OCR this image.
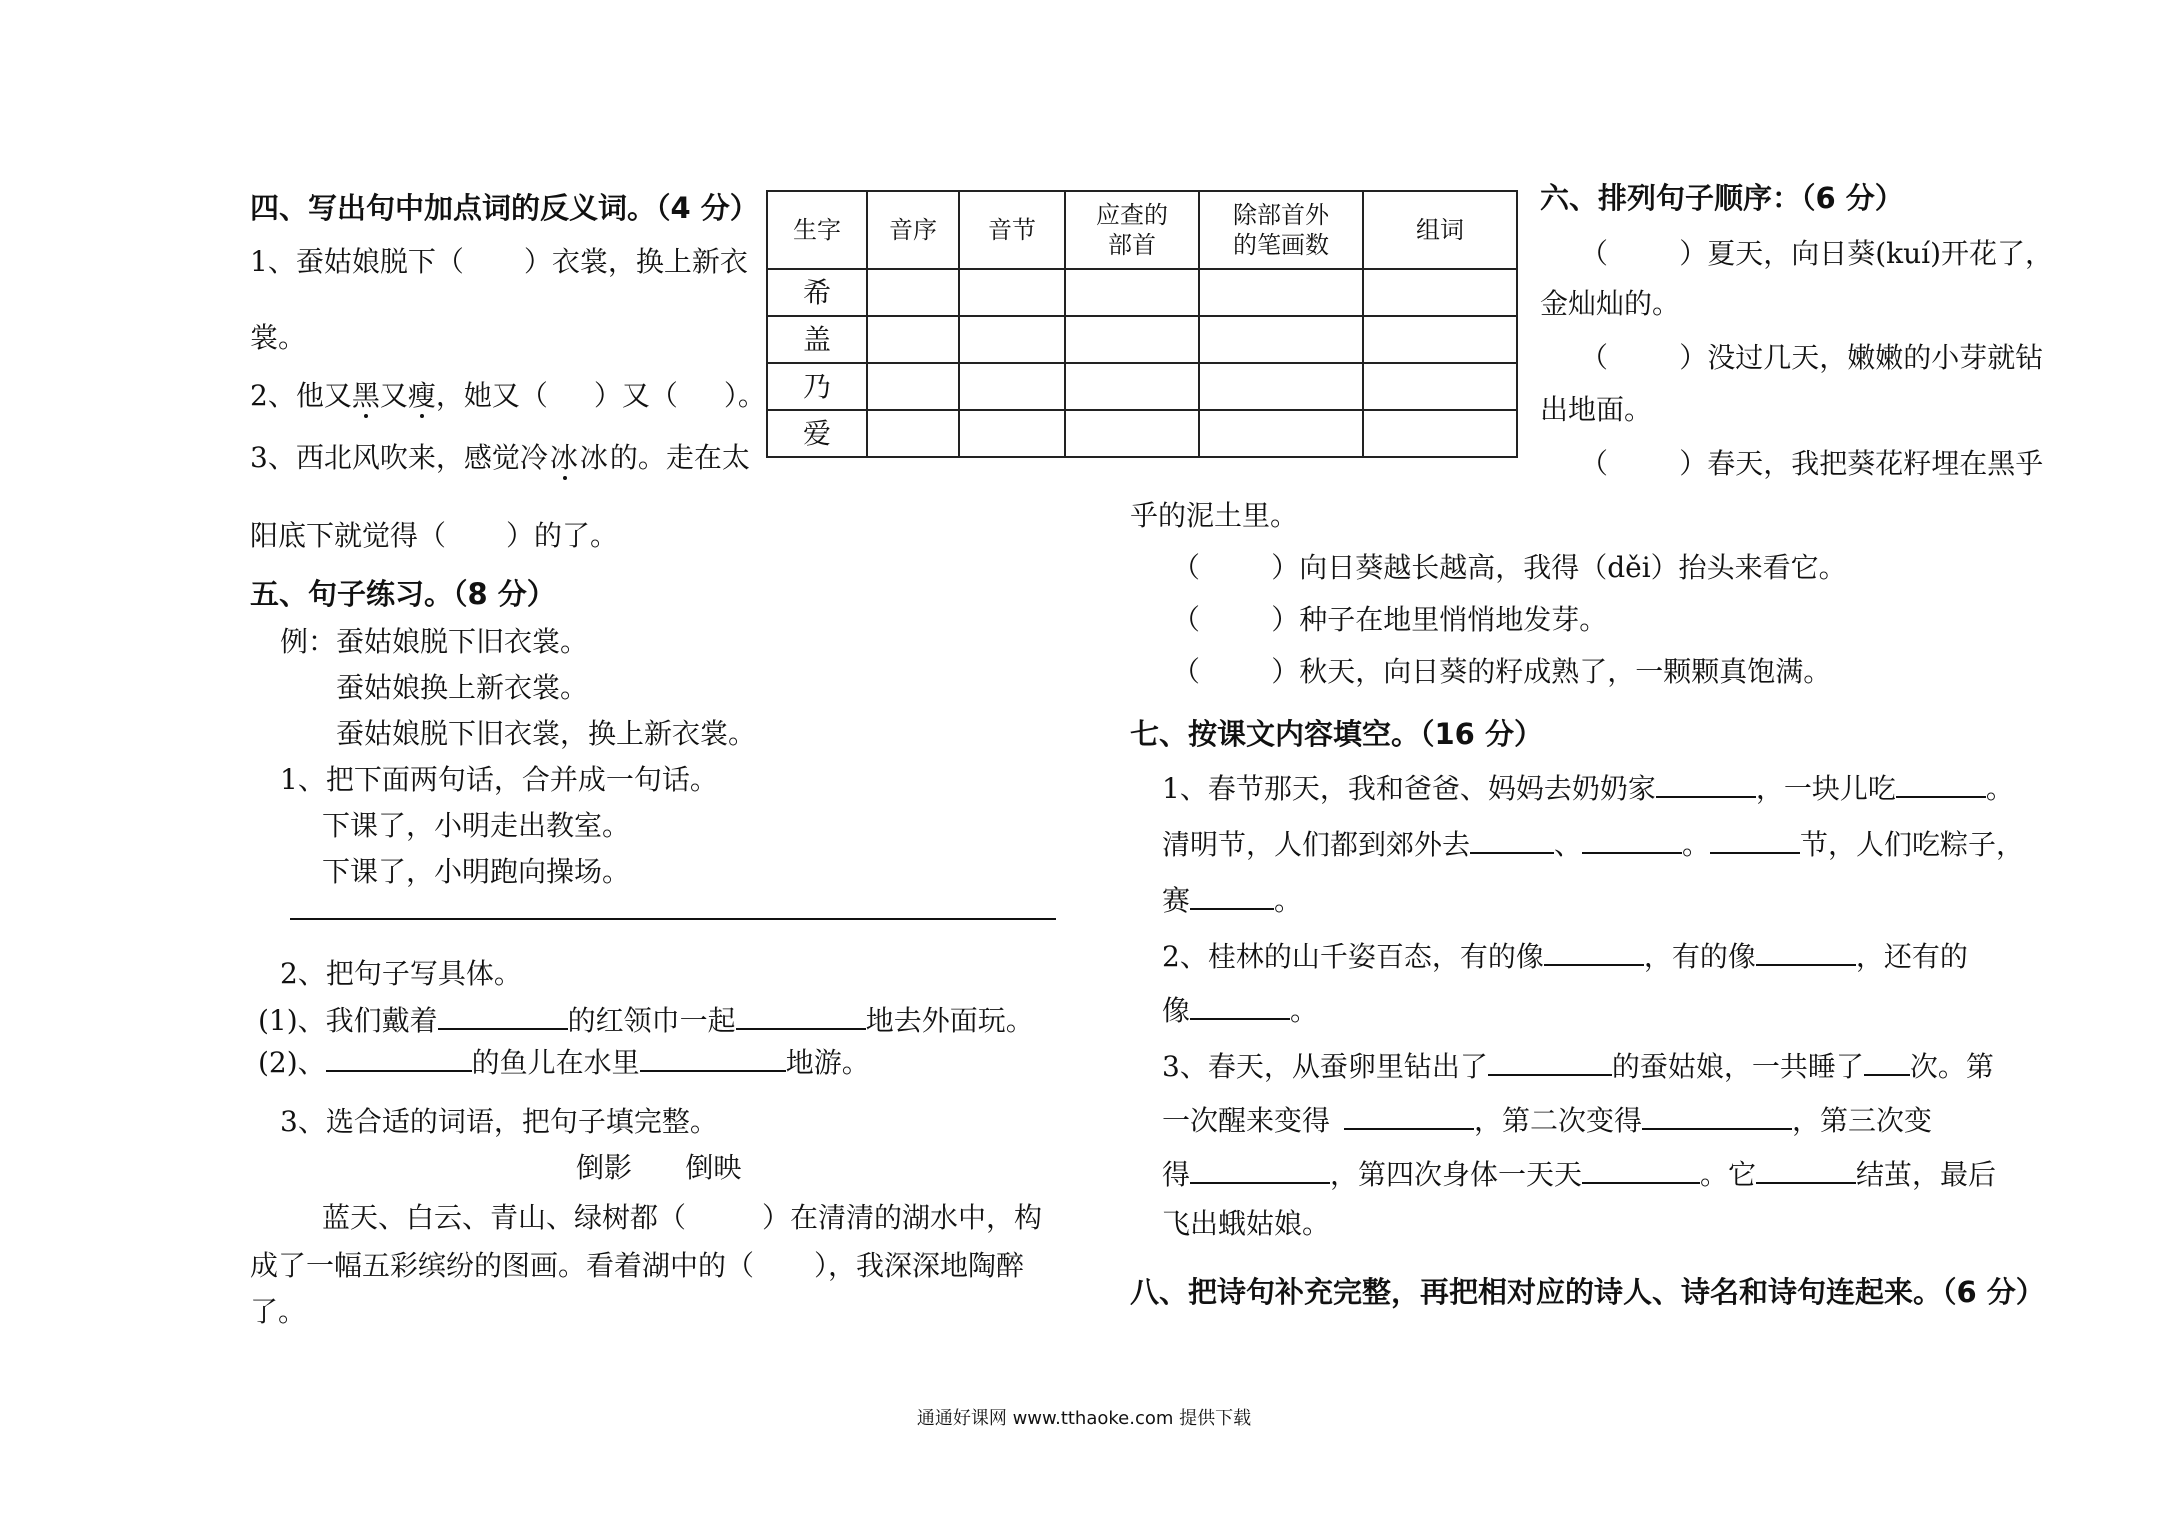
四、写出句中加点词的反义词。（4 分）
1、蚕姑娘脱下（ ）衣裳，换上新衣
裳。
2、他又黑又瘦，她又（ ）又（ ）。
3、西北风吹来，感觉冷冰冰的。走在太
阳底下就觉得（ ）的了。
生字	音序	音节	应查的部首	除部首外的笔画数	组词
希					
盖					
乃					
爱					
五、句子练习。（8 分）
例：蚕姑娘脱下旧衣裳。
蚕姑娘换上新衣裳。
蚕姑娘脱下旧衣裳，换上新衣裳。
1、把下面两句话，合并成一句话。
下课了，小明走出教室。
下课了，小明跑向操场。
2、把句子写具体。
(1)、我们戴着	的红领巾一起	地去外面玩。
(2)、	的鱼儿在水里	地游。
3、选合适的词语，把句子填完整。
倒影      倒映
蓝天、白云、青山、绿树都（	）在清清的湖水中，构
成了一幅五彩缤纷的图画。看着湖中的（ ），我深深地陶醉
了。
六、排列句子顺序：（6 分）
（        ）夏天，向日葵(kuí)开花了，
金灿灿的。
（        ）没过几天，嫩嫩的小芽就钻
出地面。
（        ）春天，我把葵花籽埋在黑乎
乎的泥土里。
（        ）向日葵越长越高，我得（děi）抬头来看它。
（        ）种子在地里悄悄地发芽。
（        ）秋天，向日葵的籽成熟了，一颗颗真饱满。
七、按课文内容填空。（16 分）
1、春节那天，我和爸爸、妈妈去奶奶家	，一块儿吃	。
清明节，人们都到郊外去	、	。	节，人们吃粽子，
赛	。
2、桂林的山千姿百态，有的像	，有的像	，还有的
像	。
3、春天，从蚕卵里钻出了	的蚕姑娘，一共睡了 次。第
一次醒来变得	，第二次变得	，第三次变
得	，第四次身体一天天	。它	结茧，最后
飞出蛾姑娘。
八、把诗句补充完整，再把相对应的诗人、诗名和诗句连起来。（6 分）
通通好课网 www.tthaoke.com 提供下载
